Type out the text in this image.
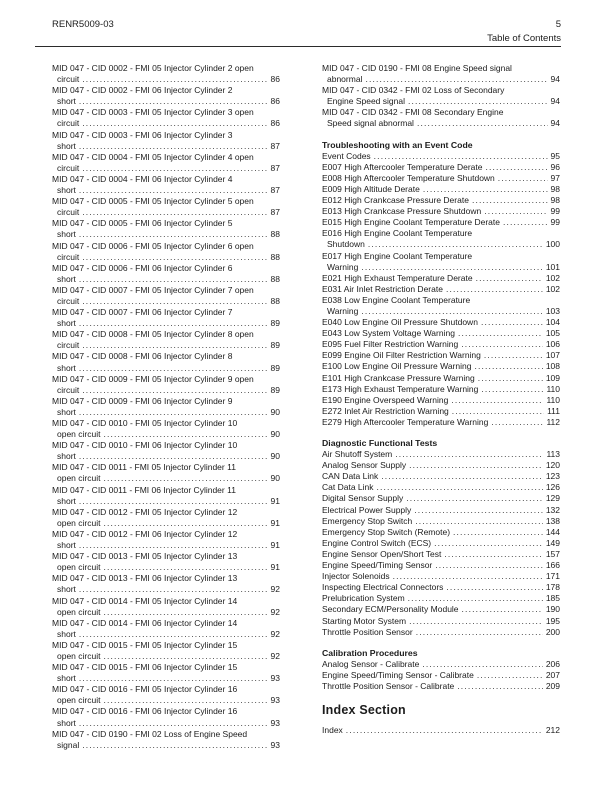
RENR5009-03	5
Table of Contents
MID 047 - CID 0002 - FMI 05 Injector Cylinder 2 open
circuit .....	86
MID 047 - CID 0002 - FMI 06 Injector Cylinder 2
short .....	86
MID 047 - CID 0003 - FMI 05 Injector Cylinder 3 open
circuit .....	86
MID 047 - CID 0003 - FMI 06 Injector Cylinder 3
short .....	87
MID 047 - CID 0004 - FMI 05 Injector Cylinder 4 open
circuit .....	87
MID 047 - CID 0004 - FMI 06 Injector Cylinder 4
short .....	87
MID 047 - CID 0005 - FMI 05 Injector Cylinder 5 open
circuit .....	87
MID 047 - CID 0005 - FMI 06 Injector Cylinder 5
short .....	88
MID 047 - CID 0006 - FMI 05 Injector Cylinder 6 open
circuit .....	88
MID 047 - CID 0006 - FMI 06 Injector Cylinder 6
short .....	88
MID 047 - CID 0007 - FMI 05 Injector Cylinder 7 open
circuit .....	88
MID 047 - CID 0007 - FMI 06 Injector Cylinder 7
short .....	89
MID 047 - CID 0008 - FMI 05 Injector Cylinder 8 open
circuit .....	89
MID 047 - CID 0008 - FMI 06 Injector Cylinder 8
short .....	89
MID 047 - CID 0009 - FMI 05 Injector Cylinder 9 open
circuit .....	89
MID 047 - CID 0009 - FMI 06 Injector Cylinder 9
short .....	90
MID 047 - CID 0010 - FMI 05 Injector Cylinder 10
open circuit .....	90
MID 047 - CID 0010 - FMI 06 Injector Cylinder 10
short .....	90
MID 047 - CID 0011 - FMI 05 Injector Cylinder 11
open circuit .....	90
MID 047 - CID 0011 - FMI 06 Injector Cylinder 11
short .....	91
MID 047 - CID 0012 - FMI 05 Injector Cylinder 12
open circuit .....	91
MID 047 - CID 0012 - FMI 06 Injector Cylinder 12
short .....	91
MID 047 - CID 0013 - FMI 05 Injector Cylinder 13
open circuit .....	91
MID 047 - CID 0013 - FMI 06 Injector Cylinder 13
short .....	92
MID 047 - CID 0014 - FMI 05 Injector Cylinder 14
open circuit .....	92
MID 047 - CID 0014 - FMI 06 Injector Cylinder 14
short .....	92
MID 047 - CID 0015 - FMI 05 Injector Cylinder 15
open circuit .....	92
MID 047 - CID 0015 - FMI 06 Injector Cylinder 15
short .....	93
MID 047 - CID 0016 - FMI 05 Injector Cylinder 16
open circuit .....	93
MID 047 - CID 0016 - FMI 06 Injector Cylinder 16
short .....	93
MID 047 - CID 0190 - FMI 02 Loss of Engine Speed
signal .....	93
MID 047 - CID 0190 - FMI 08 Engine Speed signal
abnormal .....	94
MID 047 - CID 0342 - FMI 02 Loss of Secondary
Engine Speed signal .....	94
MID 047 - CID 0342 - FMI 08 Secondary Engine
Speed signal abnormal .....	94
Troubleshooting with an Event Code
Event Codes .....	95
E007 High Aftercooler Temperature Derate .....	96
E008 High Aftercooler Temperature Shutdown .....	97
E009 High Altitude Derate .....	98
E012 High Crankcase Pressure Derate .....	98
E013 High Crankcase Pressure Shutdown .....	99
E015 High Engine Coolant Temperature Derate .....	99
E016 High Engine Coolant Temperature
Shutdown .....	100
E017 High Engine Coolant Temperature
Warning .....	101
E021 High Exhaust Temperature Derate .....	102
E031 Air Inlet Restriction Derate .....	102
E038 Low Engine Coolant Temperature
Warning .....	103
E040 Low Engine Oil Pressure Shutdown .....	104
E043 Low System Voltage Warning .....	105
E095 Fuel Filter Restriction Warning .....	106
E099 Engine Oil Filter Restriction Warning .....	107
E100 Low Engine Oil Pressure Warning .....	108
E101 High Crankcase Pressure Warning .....	109
E173 High Exhaust Temperature Warning .....	110
E190 Engine Overspeed Warning .....	110
E272 Inlet Air Restriction Warning .....	111
E279 High Aftercooler Temperature Warning .....	112
Diagnostic Functional Tests
Air Shutoff System .....	113
Analog Sensor Supply .....	120
CAN Data Link .....	123
Cat Data Link .....	126
Digital Sensor Supply .....	129
Electrical Power Supply .....	132
Emergency Stop Switch .....	138
Emergency Stop Switch (Remote) .....	144
Engine Control Switch (ECS) .....	149
Engine Sensor Open/Short Test .....	157
Engine Speed/Timing Sensor .....	166
Injector Solenoids .....	171
Inspecting Electrical Connectors .....	178
Prelubrication System .....	185
Secondary ECM/Personality Module .....	190
Starting Motor System .....	195
Throttle Position Sensor .....	200
Calibration Procedures
Analog Sensor - Calibrate .....	206
Engine Speed/Timing Sensor - Calibrate .....	207
Throttle Position Sensor - Calibrate .....	209
Index Section
Index .....	212
